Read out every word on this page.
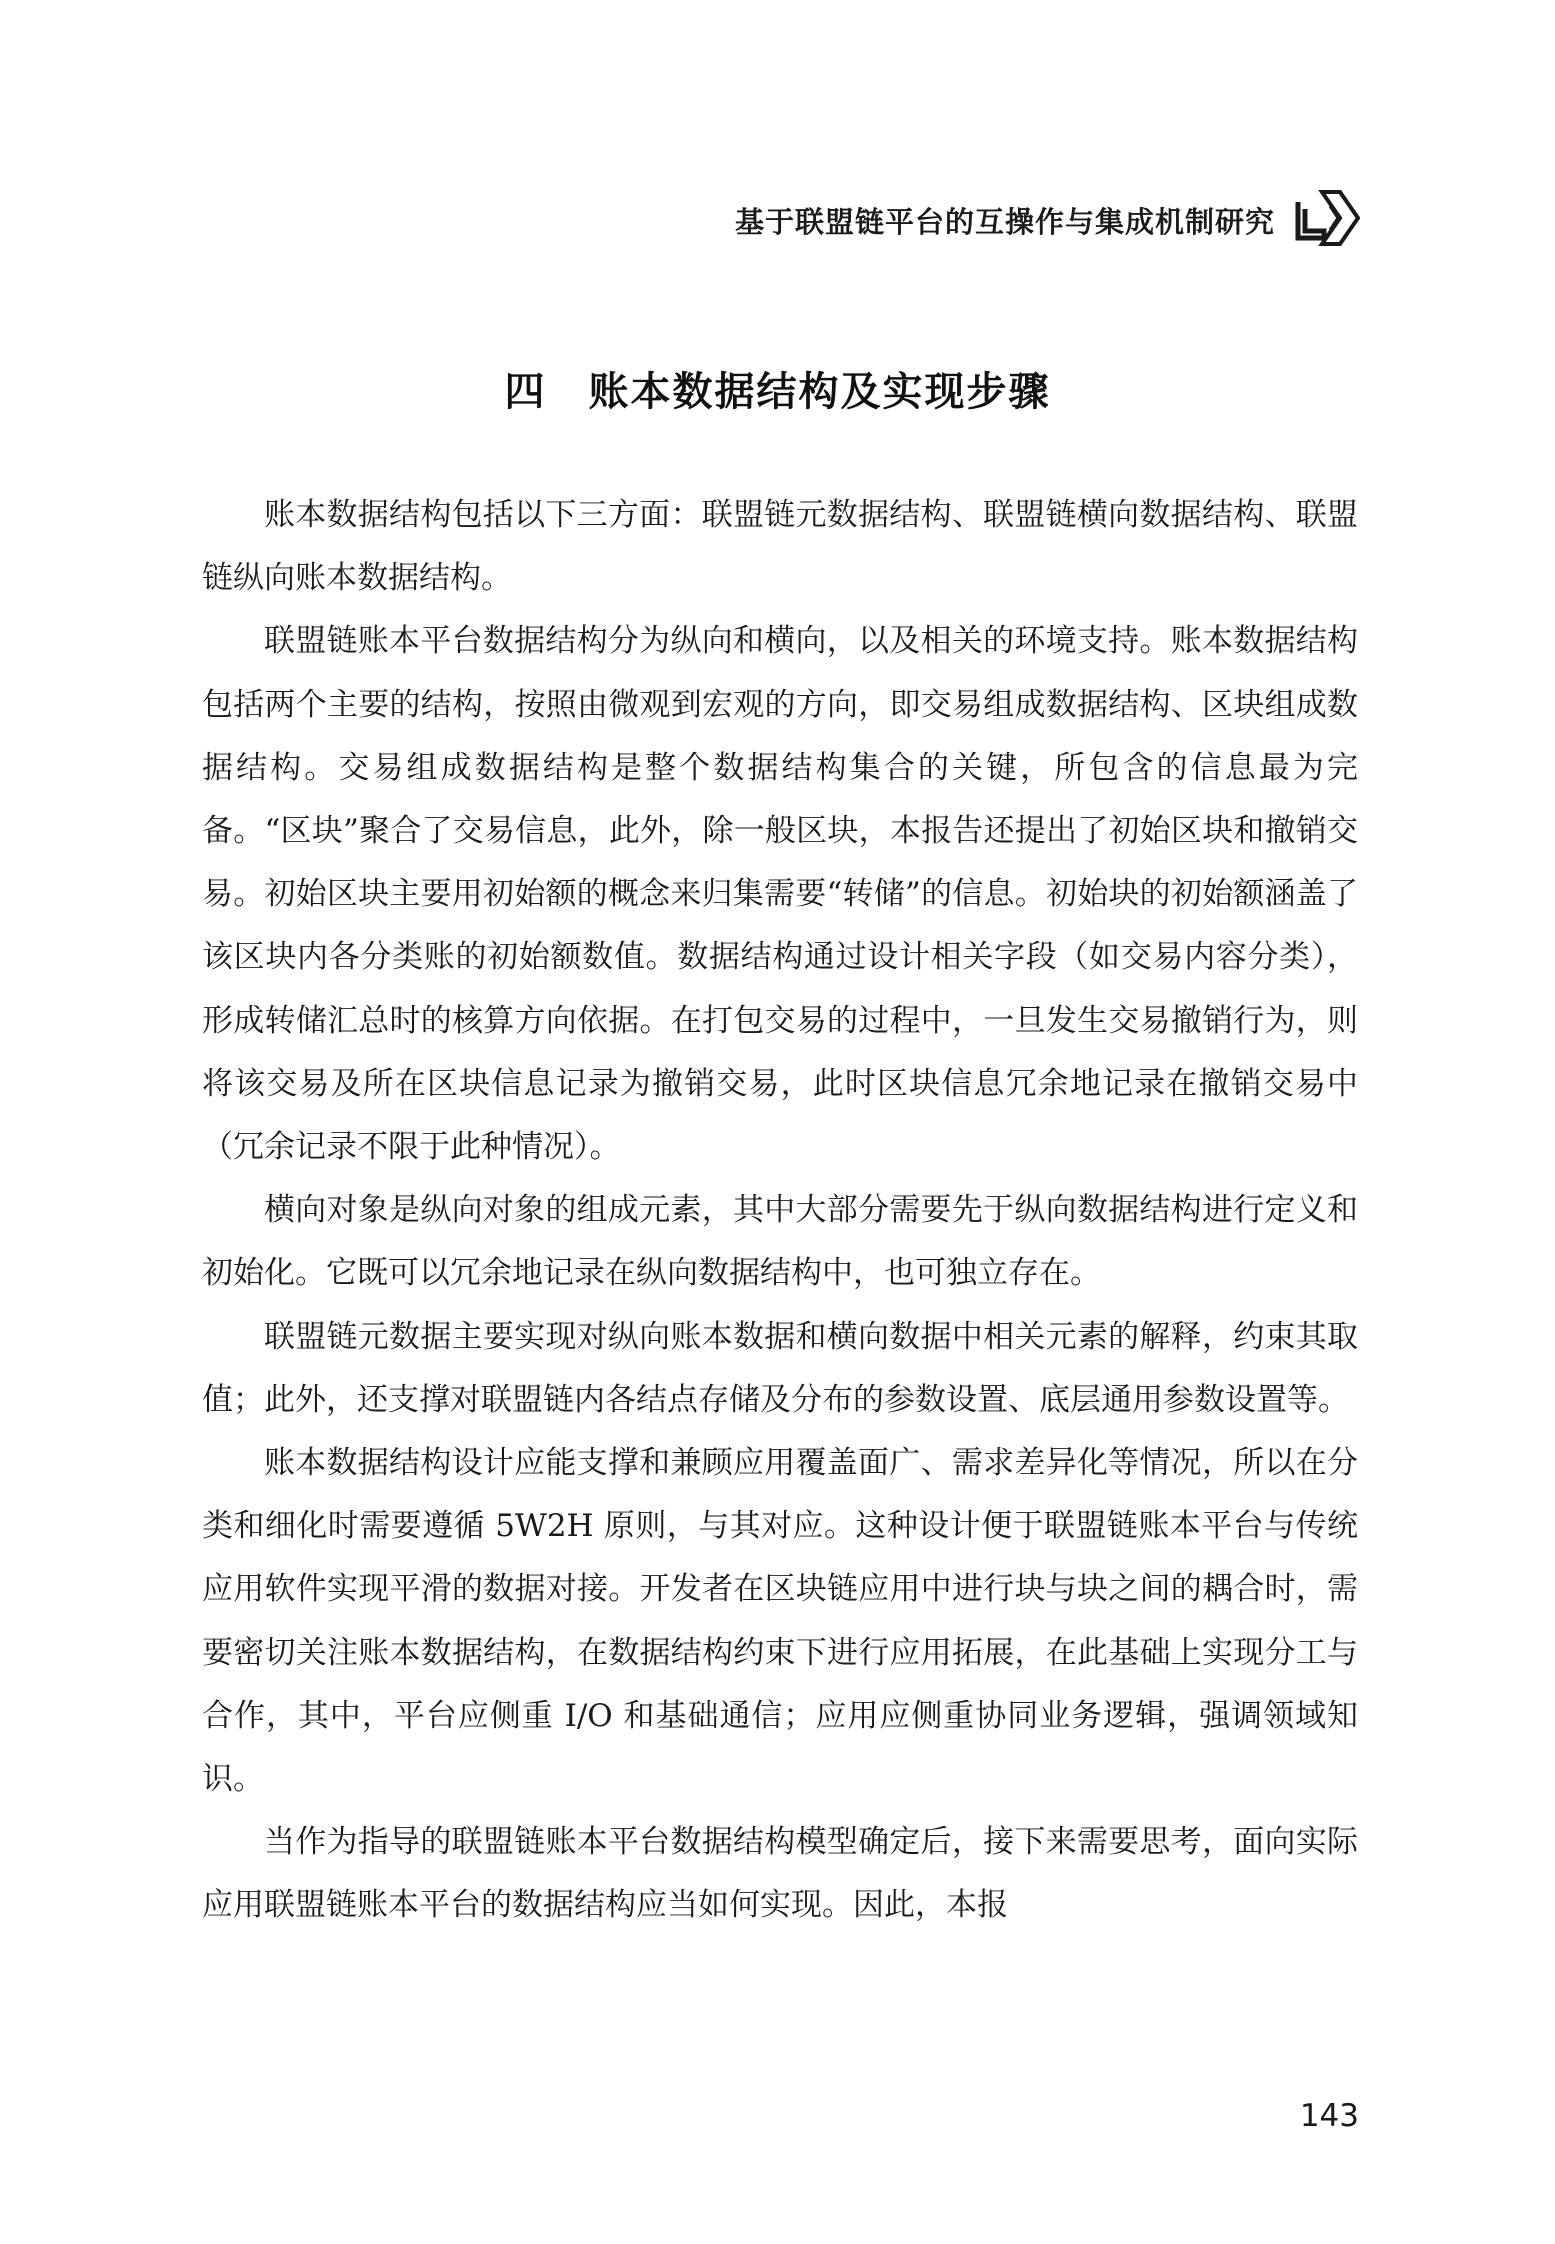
基于联盟链平台的互操作与集成机制研究
四　账本数据结构及实现步骤

账本数据结构包括以下三方面：联盟链元数据结构、联盟链横向数据结构、联盟链纵向账本数据结构。

联盟链账本平台数据结构分为纵向和横向，以及相关的环境支持。账本数据结构包括两个主要的结构，按照由微观到宏观的方向，即交易组成数据结构、区块组成数据结构。交易组成数据结构是整个数据结构集合的关键，所包含的信息最为完备。“区块”聚合了交易信息，此外，除一般区块，本报告还提出了初始区块和撤销交易。初始区块主要用初始额的概念来归集需要“转储”的信息。初始块的初始额涵盖了该区块内各分类账的初始额数值。数据结构通过设计相关字段（如交易内容分类），形成转储汇总时的核算方向依据。在打包交易的过程中，一旦发生交易撤销行为，则将该交易及所在区块信息记录为撤销交易，此时区块信息冗余地记录在撤销交易中（冗余记录不限于此种情况）。

横向对象是纵向对象的组成元素，其中大部分需要先于纵向数据结构进行定义和初始化。它既可以冗余地记录在纵向数据结构中，也可独立存在。

联盟链元数据主要实现对纵向账本数据和横向数据中相关元素的解释，约束其取值；此外，还支撑对联盟链内各结点存储及分布的参数设置、底层通用参数设置等。

账本数据结构设计应能支撑和兼顾应用覆盖面广、需求差异化等情况，所以在分类和细化时需要遵循 5W2H 原则，与其对应。这种设计便于联盟链账本平台与传统应用软件实现平滑的数据对接。开发者在区块链应用中进行块与块之间的耦合时，需要密切关注账本数据结构，在数据结构约束下进行应用拓展，在此基础上实现分工与合作，其中，平台应侧重 I/O 和基础通信；应用应侧重协同业务逻辑，强调领域知识。

当作为指导的联盟链账本平台数据结构模型确定后，接下来需要思考，面向实际应用联盟链账本平台的数据结构应当如何实现。因此，本报

143
